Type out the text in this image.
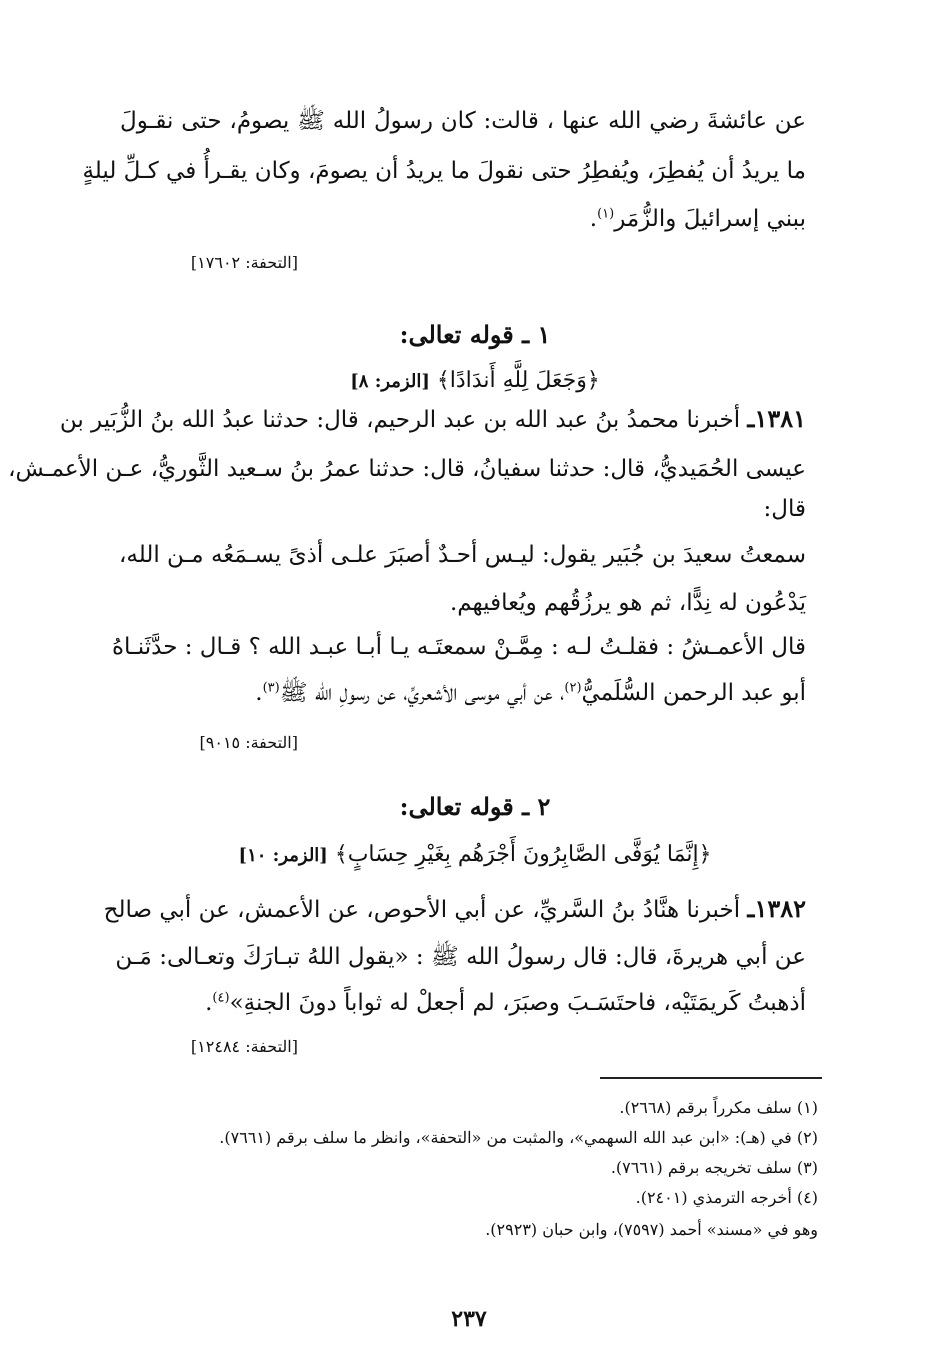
عن عائشةَ رضي الله عنها ، قالت: كان رسولُ الله ﷺ يصومُ، حتى نقـولَ
ما يريدُ أن يُفطِرَ، ويُفطِرُ حتى نقولَ ما يريدُ أن يصومَ، وكان يقـرأُ في كـلِّ ليلةٍ
ببني إسرائيلَ والزُّمَر$^{(١)}$.
[التحفة: ١٧٦٠٢]
١ ـ قوله تعالى:
﴿وَجَعَلَ لِلَّهِ أَندَادًا﴾ [الزمر: ٨]
١٣٨١ـ أخبرنا محمدُ بنُ عبد الله بن عبد الرحيم، قال: حدثنا عبدُ الله بنُ الزُّبَير بن
عيسى الحُمَيديُّ، قال: حدثنا سفيانُ، قال: حدثنا عمرُ بنُ سـعيد الثَّوريُّ، عـن الأعمـش،
قال:
سمعتُ سعيدَ بن جُبَير يقول: ليـس أحـدٌ أصبَرَ علـى أذىً يسـمَعُه مـن الله،
يَدْعُون له نِدًّا، ثم هو يرزُقُهم ويُعافيهم.
قال الأعمـشُ : فقلـتُ لـه : مِمَّـنْ سمعتَـه يـا أبـا عبـد الله ؟ قـال : حدَّثَنـاهُ
أبو عبد الرحمن السُّلَميُّ$^{(٢)}$، عن أبي موسى الأشعريِّ، عن رسولِ الله ﷺ$^{(٣)}$.
[التحفة: ٩٠١٥]
٢ ـ قوله تعالى:
﴿إِنَّمَا يُوَفَّى الصَّابِرُونَ أَجْرَهُم بِغَيْرِ حِسَابٍ﴾ [الزمر: ١٠]
١٣٨٢ـ أخبرنا هنَّادُ بنُ السَّريِّ، عن أبي الأحوص، عن الأعمش، عن أبي صالح
عن أبي هريرةَ، قال: قال رسولُ الله ﷺ : «يقول اللهُ تبـارَكَ وتعـالى: مَـن
أذهبتُ كَريمَتَيْه، فاحتَسَـبَ وصبَرَ، لم أجعلْ له ثواباً دونَ الجنةِ»$^{(٤)}$.
[التحفة: ١٢٤٨٤]
(١) سلف مكرراً برقم (٢٦٦٨).
(٢) في (هـ): «ابن عبد الله السهمي»، والمثبت من «التحفة»، وانظر ما سلف برقم (٧٦٦١).
(٣) سلف تخريجه برقم (٧٦٦١).
(٤) أخرجه الترمذي (٢٤٠١).
وهو في «مسند» أحمد (٧٥٩٧)، وابن حبان (٢٩٢٣).
٢٣٧
